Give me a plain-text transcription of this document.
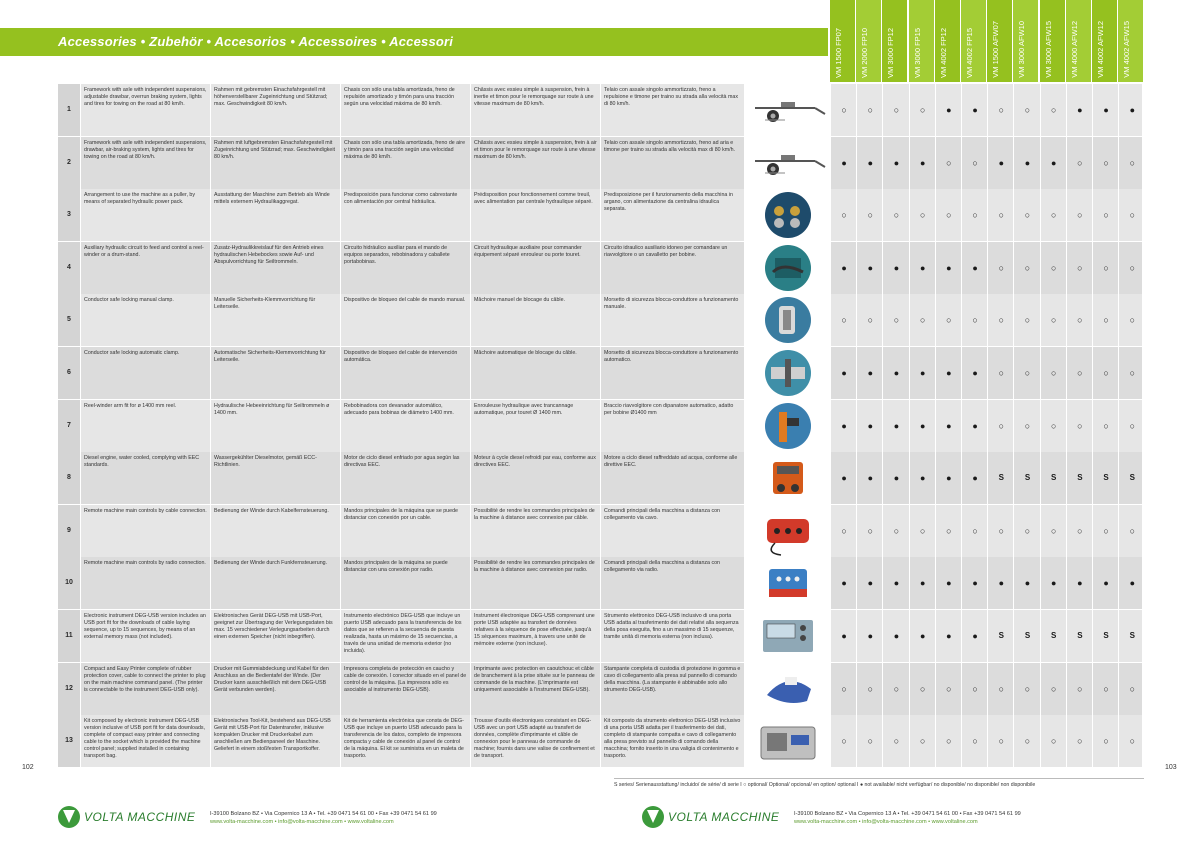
Accessories • Zubehör • Accesorios • Accessoires • Accessori	VM 1500 FP07 VM 2000 FP10 VM 3000 FP12 VM 3000 FP15 VM 4002 FP12 VM 4002 FP15 VM 1500 AFW07 VM 3000 AFW10 VM 3000 AFW15 VM 4000 AFW12 VM 4002 AFW12 VM 4002 AFW15
1
Framework with axle with independent suspensions, adjustable drawbar, overrun braking system, lights and tires for towing on the road at 80 km/h.
Rahmen mit gebremsten Einachsfahrgestell mit höhenverstellbarer Zugeinrichtung und Stützrad; max. Geschwindigkeit 80 km/h.
Chasis con sólo una tabla amortizada, freno de repulsión amortizado y timón para una tracción según una velocidad máxima de 80 km/h.
Châssis avec essieu simple à suspension, frein à inertie et timon pour le remorquage sur route à une vitesse maximum de 80 km/h.
Telaio con assale singolo ammortizzato, freno a repulsione e timone per traino su strada alla velocità max di 80 km/h.
○	○	○	○	●	●	○	○	○	●	●	●
2
Framework with axle with independent suspensions, drawbar, air-braking system, lights and tires for towing on the road at 80 km/h.
Rahmen mit luftgebremsten Einachsfahrgestell mit Zugeinrichtung und Stützrad; max. Geschwindigkeit 80 km/h.
Chasis con sólo una tabla amortizada, freno de aire y timón para una tracción según una velocidad máxima de 80 km/h.
Châssis avec essieu simple à suspension, frein à air et timon pour le remorquage sur route à une vitesse maximum de 80 km/h.
Telaio con assale singolo ammortizzato, freno ad aria e timone per traino su strada alla velocità max di 80 km/h.
●	●	●	●	○	○	●	●	●	○	○	○
3
Arrangement to use the machine as a puller, by means of separated hydraulic power pack.
Ausstattung der Maschine zum Betrieb als Winde mittels externem Hydraulikaggregat.
Predisposición para funcionar como cabrestante con alimentación por central hidráulica.
Prédisposition pour fonctionnement comme treuil, avec alimentation par centrale hydraulique séparé.
Predisposizione per il funzionamento della macchina in argano, con alimentazione da centralina idraulica separata.
○	○	○	○	○	○	○	○	○	○	○	○
4
Auxiliary hydraulic circuit to feed and control a reel-winder or a drum-stand.
Zusatz-Hydraulikkreislauf für den Antrieb eines hydraulischen Hebebockes sowie Auf- und Abspulvorrichtung für Seiltrommeln.
Circuito hidráulico auxiliar para el mando de equipos separados, rebobinadora y caballete portabobinas.
Circuit hydraulique auxiliaire pour commander équipement séparé enrouleur ou porte touret.
Circuito idraulico ausiliario idoneo per comandare un riavvolgitore o un cavalletto per bobine.
●	●	●	●	●	●	○	○	○	○	○	○
5
Conductor safe locking manual clamp.	Manuelle Sicherheits-Klemmvorrichtung für Leiterseile.
Dispositivo de bloqueo del cable de mando manual.	Mâchoire manuel de blocage du câble.	Morsetto di sicurezza blocca-conduttore a funzionamento manuale.
○	○	○	○	○	○	○	○	○	○	○	○
6
Conductor safe locking automatic clamp.	Automatische Sicherheits-Klemmvorrichtung für Leiterseile.
Dispositivo de bloqueo del cable de intervención automática.
Mâchoire automatique de blocage du câble.	Morsetto di sicurezza blocca-conduttore a funzionamento automatico.
●	●	●	●	●	●	○	○	○	○	○	○
7
Reel-winder arm fit for ø 1400 mm reel.	Hydraulische Hebeeinrichtung für Seiltrommeln ø 1400 mm.
Rebobinadora con devanador automático, adecuado para bobinas de diámetro 1400 mm.
Enrouleuse hydraulique avec trancannage automatique, pour touret Ø 1400 mm.
Braccio riavvolgitore con dipanatore automatico, adatto per bobine Ø1400 mm
●	●	●	●	●	●	○	○	○	○	○	○
8
Diesel engine, water cooled, complying with EEC standards.
Wassergekühlter Dieselmotor, gemäß ECC-Richtlinien.
Motor de ciclo diesel enfriado por agua según las directivas EEC.
Moteur à cycle diesel refroidi par eau, conforme aux directives EEC.
Motore a ciclo diesel raffreddato ad acqua, conforme alle direttive EEC.
●	●	●	●	●	●	S	S	S	S	S	S
9
Remote machine main controls by cable connection.	Bedienung der Winde durch Kabelfernsteuerung.	Mandos principales de la máquina que se puede distanciar con conexión por un cable.
Possibilité de rendre les commandes principales de la machine à distance avec connexion par câble.
Comandi principali della macchina a distanza con collegamento via cavo.
○	○	○	○	○	○	○	○	○	○	○	○
10
Remote machine main controls by radio connection.	Bedienung der Winde durch Funkfernsteuerung.	Mandos principales de la máquina se puede distanciar con una conexión por radio.
Possibilité de rendre les commandes principales de la machine à distance avec connexion par radio.
Comandi principali della macchina a distanza con collegamento via radio.
●	●	●	●	●	●	●	●	●	●	●	●
11
Electronic instrument DEG-USB version includes an USB port fit for the downloads of cable laying sequence, up to 15 sequences, by means of an external memory mass (not included).
Elektronisches Gerät DEG-USB mit USB-Port, geeignet zur Übertragung der Verlegungsdaten bis max. 15 verschiedener Verlegungsarbeiten durch einen externen Speicher (nicht inbegriffen).
Instrumento electrónico DEG-USB que incluye un puerto USB adecuado para la transferencia de los datos que se refieren a la secuencia de puesta realizada, hasta un máximo de 15 secuencias, a través de una unidad de memoria exterior (no incluida).
Instrument électronique DEG-USB comprenant une porte USB adaptée au transfert de données relatives à la séquence de pose effectuée, jusqu'à 15 séquences maximum, à travers une unité de mémoire externe (non incluse).
Strumento elettronico DEG-USB inclusivo di una porta USB adatta al trasferimento dei dati relativi alla sequenza della posa eseguita, fino a un massimo di 15 sequenze, tramite unità di memoria esterna (non inclusa).	●	●	●	●	●	●	S	S	S	S	S	S
12
Compact and Easy Printer complete of rubber protection cover, cable to connect the printer to plug on the main machine command panel. (The printer is connectable to the instrument DEG-USB only).
Drucker mit Gummiabdeckung und Kabel für den Anschluss an die Bedientafel der Winde. (Der Drucker kann ausschließlich mit dem DEG-USB Gerät verbunden werden).
Impresora completa de protección en caucho y cable de conexión. I conector situado en el panel de control de la máquina. (La impresora sólo es asociable al instrumento DEG-USB).
Imprimante avec protection en caoutchouc et câble de branchement à la prise située sur le panneau de commande de la machine. (L'imprimante est uniquement associable à l'instrument DEG-USB).
Stampante completa di custodia di protezione in gomma e cavo di collegamento alla presa sul pannello di comando della macchina. (La stampante è abbinabile solo allo strumento DEG-USB).	○	○	○	○	○	○	○	○	○	○	○	○
13
Kit composed by electronic instrument DEG-USB version inclusive of USB port fit for data downloads, complete of compact easy printer and connecting cable to the socket which is provided the machine control panel; supplied installed in containing transport bag.
Elektronisches Tool-Kit, bestehend aus DEG-USB Gerät mit USB-Port für Datentransfer, inklusive kompakten Drucker mit Druckerkabel zum anschließen am Bedienpaneel der Maschine. Geliefert in einem stoßfesten Transportkoffer.
Kit de herramienta electrónica que consta de DEG-USB que incluye un puerto USB adecuado para la transferencia de los datos, completo de impresora compacta y cable de conexión al panel de control de la máquina. El kit se suministra en un maleta de trasporto.
Trousse d'outils électroniques consistant en DEG-USB avec un port USB adapté au transfert de données, complète d'imprimante et câble de connexion pour le panneau de commande de machine; fournis dans une valise de confinement et de transport.
Kit composto da strumento elettronico DEG-USB inclusivo di una porta USB adatta per il trasferimento dei dati, completo di stampante compatta e cavo di collegamento alla presa previsto sul pannello di comando della macchina; fornito inserito in una valigia di contenimento e trasporto.
○	○	○	○	○	○	○	○	○	○	○	○
102	103
S series/ Serienausstattung/ incluido/ de série/ di serie I ○ optional/ Optional/ opcional/ en option/ optional I ● not available/ nicht verfügbar/ no disponible/ no disponible/ non disponibile
VOLTA MACCHINE	I-39100 Bolzano BZ • Via Copernico 13 A • Tel. +39 0471 54 61 00 • Fax +39 0471 54 61 99
www.volta-macchine.com • info@volta-macchine.com • www.voltaline.com	VOLTA MACCHINE	I-39100 Bolzano BZ • Via Copernico 13 A • Tel. +39 0471 54 61 00 • Fax +39 0471 54 61 99
www.volta-macchine.com • info@volta-macchine.com • www.voltaline.com
